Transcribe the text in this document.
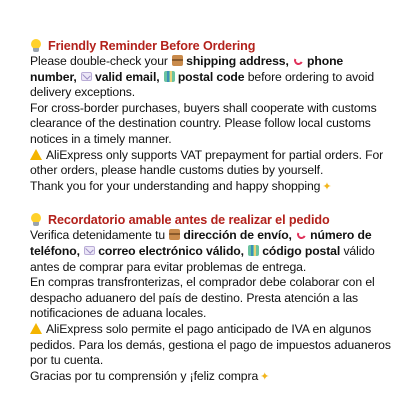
Friendly Reminder Before Ordering

Please double-check your shipping address, phone number, valid email, postal code before ordering to avoid delivery exceptions.

For cross-border purchases, buyers shall cooperate with customs clearance of the destination country. Please follow local customs notices in a timely manner.

AliExpress only supports VAT prepayment for partial orders. For other orders, please handle customs duties by yourself.

Thank you for your understanding and happy shopping ✦

Recordatorio amable antes de realizar el pedido

Verifica detenidamente tu dirección de envío, número de teléfono, correo electrónico válido, código postal válido antes de comprar para evitar problemas de entrega.

En compras transfronterizas, el comprador debe colaborar con el despacho aduanero del país de destino. Presta atención a las notificaciones de aduana locales.

AliExpress solo permite el pago anticipado de IVA en algunos pedidos. Para los demás, gestiona el pago de impuestos aduaneros por tu cuenta.

Gracias por tu comprensión y ¡feliz compra ✦
